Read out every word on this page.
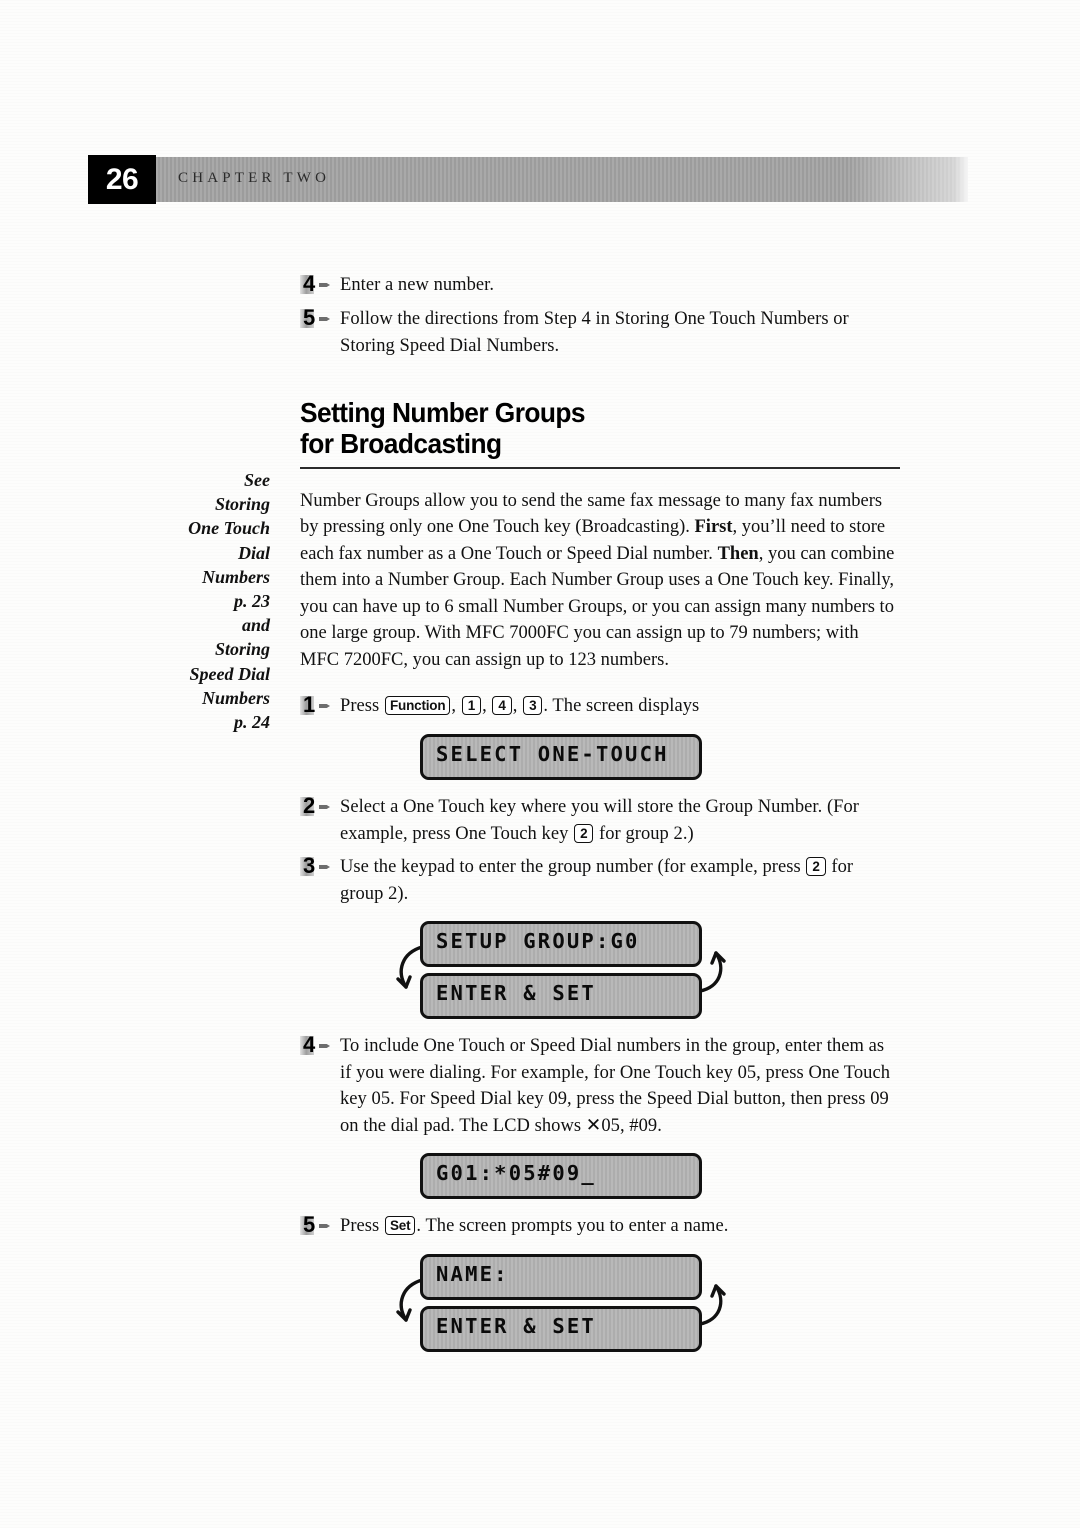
26	CHAPTER TWO
See
Storing
One Touch
Dial
Numbers
p. 23
and
Storing
Speed Dial
Numbers
p. 24
4 Enter a new number.
5 Follow the directions from Step 4 in Storing One Touch Numbers or Storing Speed Dial Numbers.
Setting Number Groups
for Broadcasting

Number Groups allow you to send the same fax message to many fax numbers by pressing only one One Touch key (Broadcasting). First, you’ll need to store each fax number as a One Touch or Speed Dial number. Then, you can combine them into a Number Group. Each Number Group uses a One Touch key. Finally, you can have up to 6 small Number Groups, or you can assign many numbers to one large group. With MFC 7000FC you can assign up to 79 numbers; with MFC 7200FC, you can assign up to 123 numbers.

1 Press Function , 1 , 4 , 3 . The screen displays
SELECT ONE-TOUCH
2 Select a One Touch key where you will store the Group Number. (For example, press One Touch key 2 for group 2.)
3 Use the keypad to enter the group number (for example, press 2 for group 2).
SETUP GROUP:G0
ENTER & SET
4 To include One Touch or Speed Dial numbers in the group, enter them as if you were dialing. For example, for One Touch key 05, press One Touch key 05. For Speed Dial key 09, press the Speed Dial button, then press 09 on the dial pad. The LCD shows ✕05, #09.
G01:*05#09_
5 Press Set . The screen prompts you to enter a name.
NAME:
ENTER & SET
